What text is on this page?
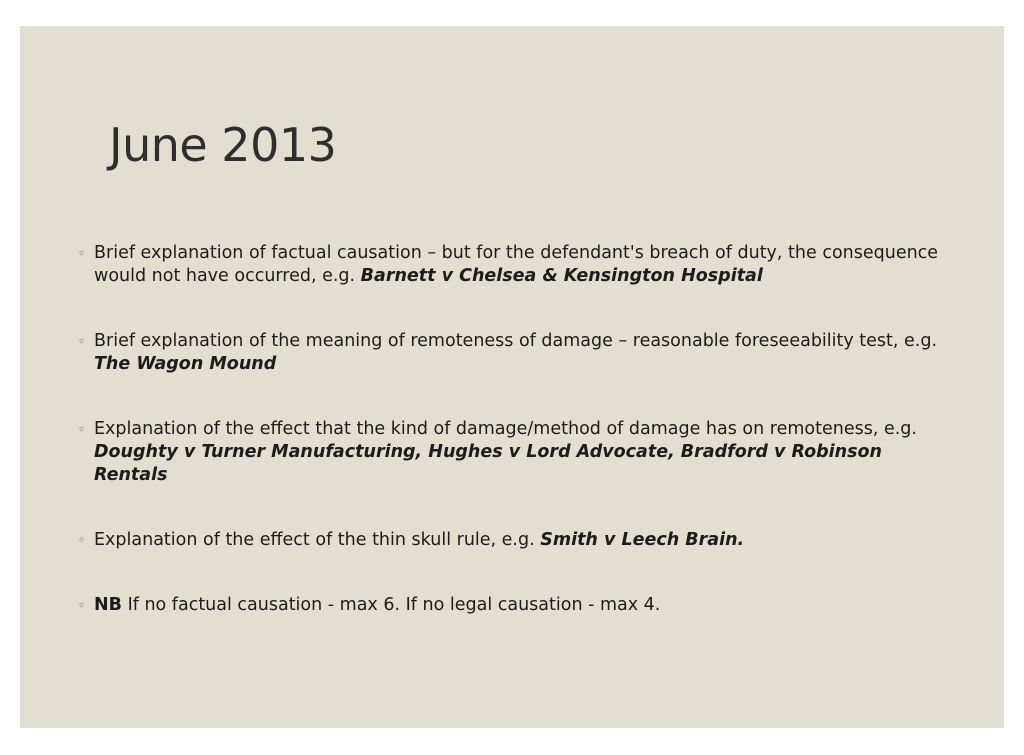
June 2013
◦ Brief explanation of factual causation – but for the defendant's breach of duty, the consequence would not have occurred, e.g. Barnett v Chelsea & Kensington Hospital
◦ Brief explanation of the meaning of remoteness of damage – reasonable foreseeability test, e.g. The Wagon Mound
◦ Explanation of the effect that the kind of damage/method of damage has on remoteness, e.g. Doughty v Turner Manufacturing, Hughes v Lord Advocate, Bradford v Robinson Rentals
◦ Explanation of the effect of the thin skull rule, e.g. Smith v Leech Brain.
◦ NB If no factual causation - max 6. If no legal causation - max 4.
